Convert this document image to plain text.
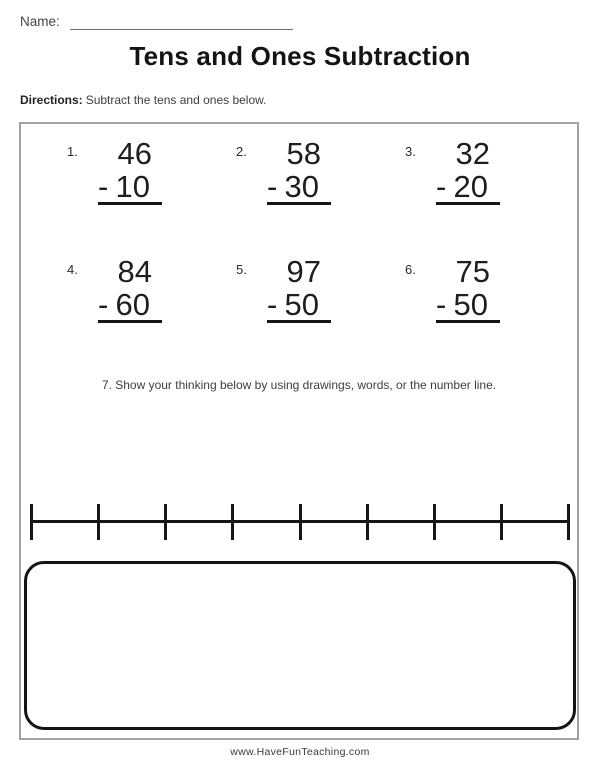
Name:
Tens and Ones Subtraction
Directions: Subtract the tens and ones below.
1.	46
- 10
2.	58
- 30
3.	32
- 20
4.	84
- 60
5.	97
- 50
6.	75
- 50
7. Show your thinking below by using drawings, words, or the number line.
www.HaveFunTeaching.com
